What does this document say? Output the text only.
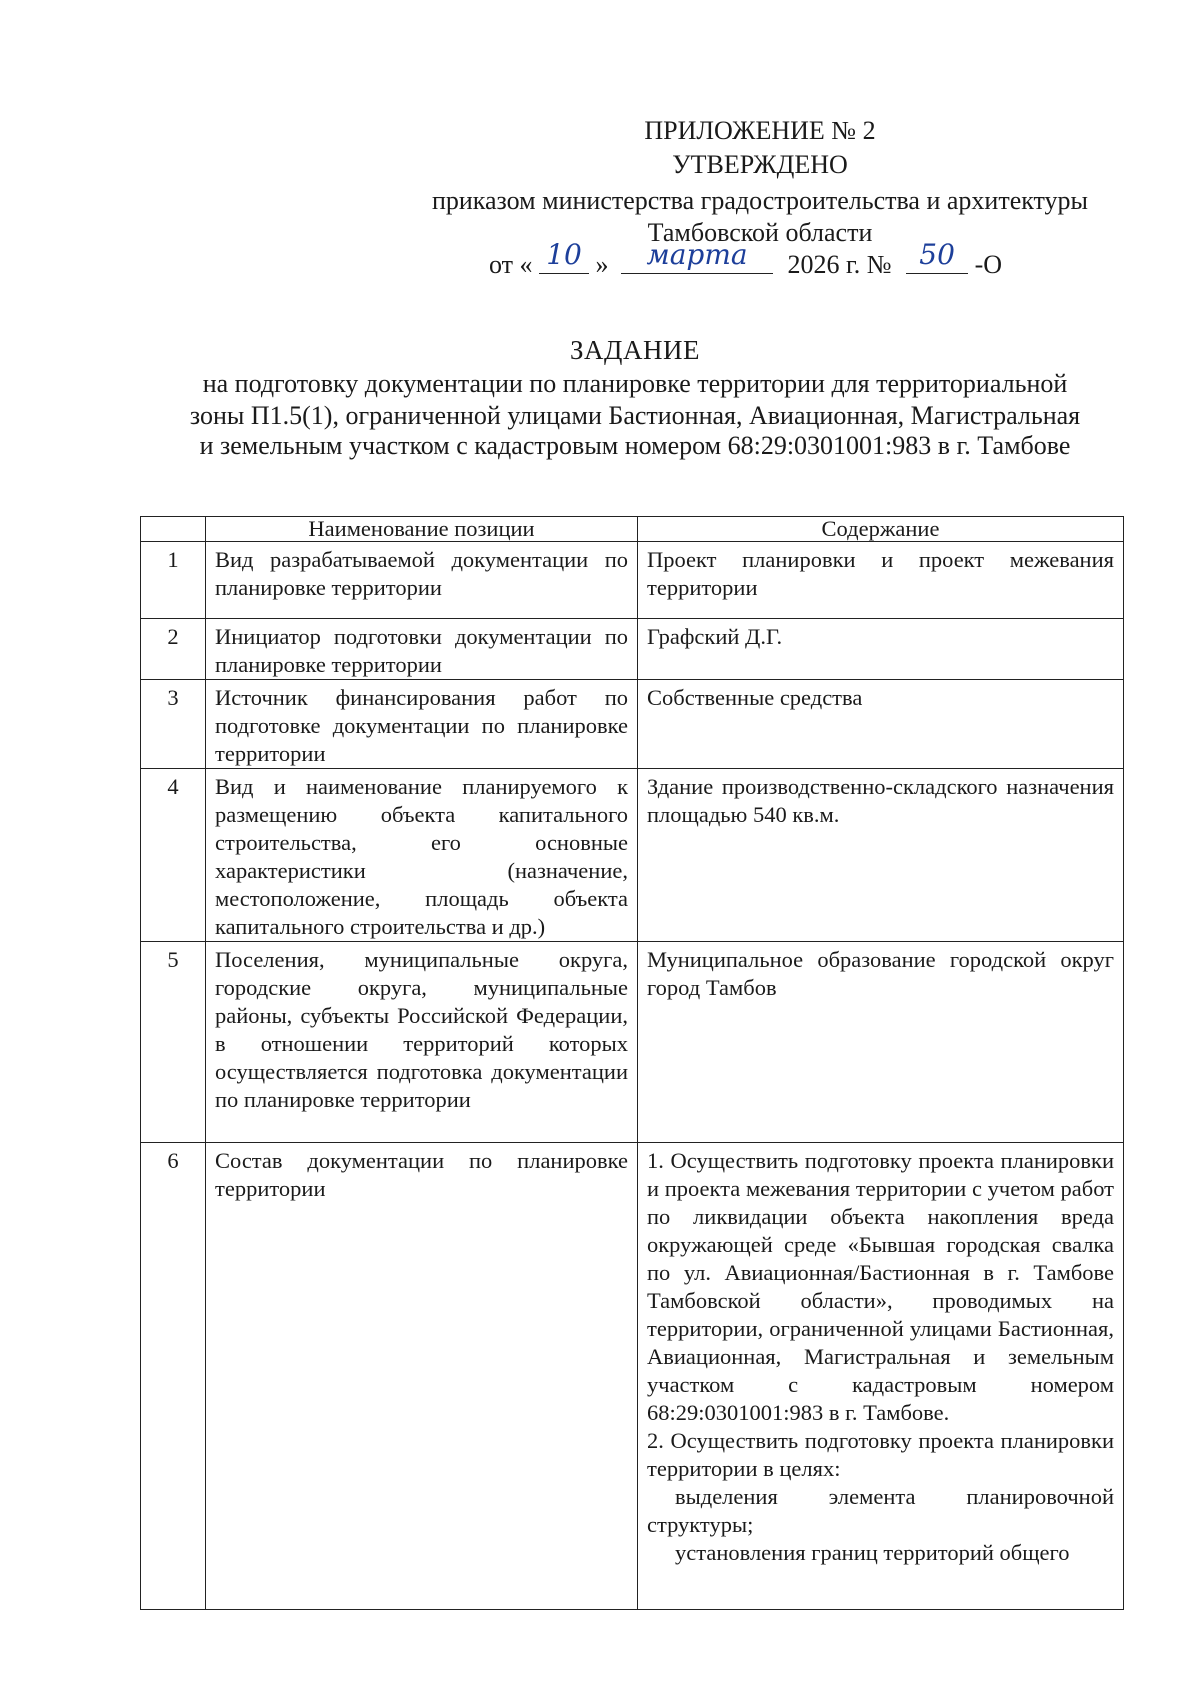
ПРИЛОЖЕНИЕ № 2
УТВЕРЖДЕНО
приказом министерства градостроительства и архитектуры
Тамбовской области
от « 10 » марта 2026 г. № 50 -О
ЗАДАНИЕ
на подготовку документации по планировке территории для территориальной
зоны П1.5(1), ограниченной улицами Бастионная, Авиационная, Магистральная
и земельным участком с кадастровым номером 68:29:0301001:983 в г. Тамбове
	Наименование позиции	Содержание
1	Вид разрабатываемой документации по планировке территории	Проект планировки и проект межевания территории
2	Инициатор подготовки документации по планировке территории	Графский Д.Г.
3	Источник финансирования работ по подготовке документации по планировке территории	Собственные средства
4	Вид и наименование планируемого к размещению объекта капитального строительства, его основные характеристики (назначение, местоположение, площадь объекта капитального строительства и др.)	Здание производственно-складского назначения площадью 540 кв.м.
5	Поселения, муниципальные округа, городские округа, муниципальные районы, субъекты Российской Федерации, в отношении территорий которых осуществляется подготовка документации по планировке территории	Муниципальное образование городской округ город Тамбов
6	Состав документации по планировке территории	1. Осуществить подготовку проекта планировки и проекта межевания территории с учетом работ по ликвидации объекта накопления вреда окружающей среде «Бывшая городская свалка по ул. Авиационная/Бастионная в г. Тамбове Тамбовской области», проводимых на территории, ограниченной улицами Бастионная, Авиационная, Магистральная и земельным участком с кадастровым номером 68:29:0301001:983 в г. Тамбове.

2. Осуществить подготовку проекта планировки территории в целях:

выделения элемента планировочной структуры;

установления границ территорий общего
